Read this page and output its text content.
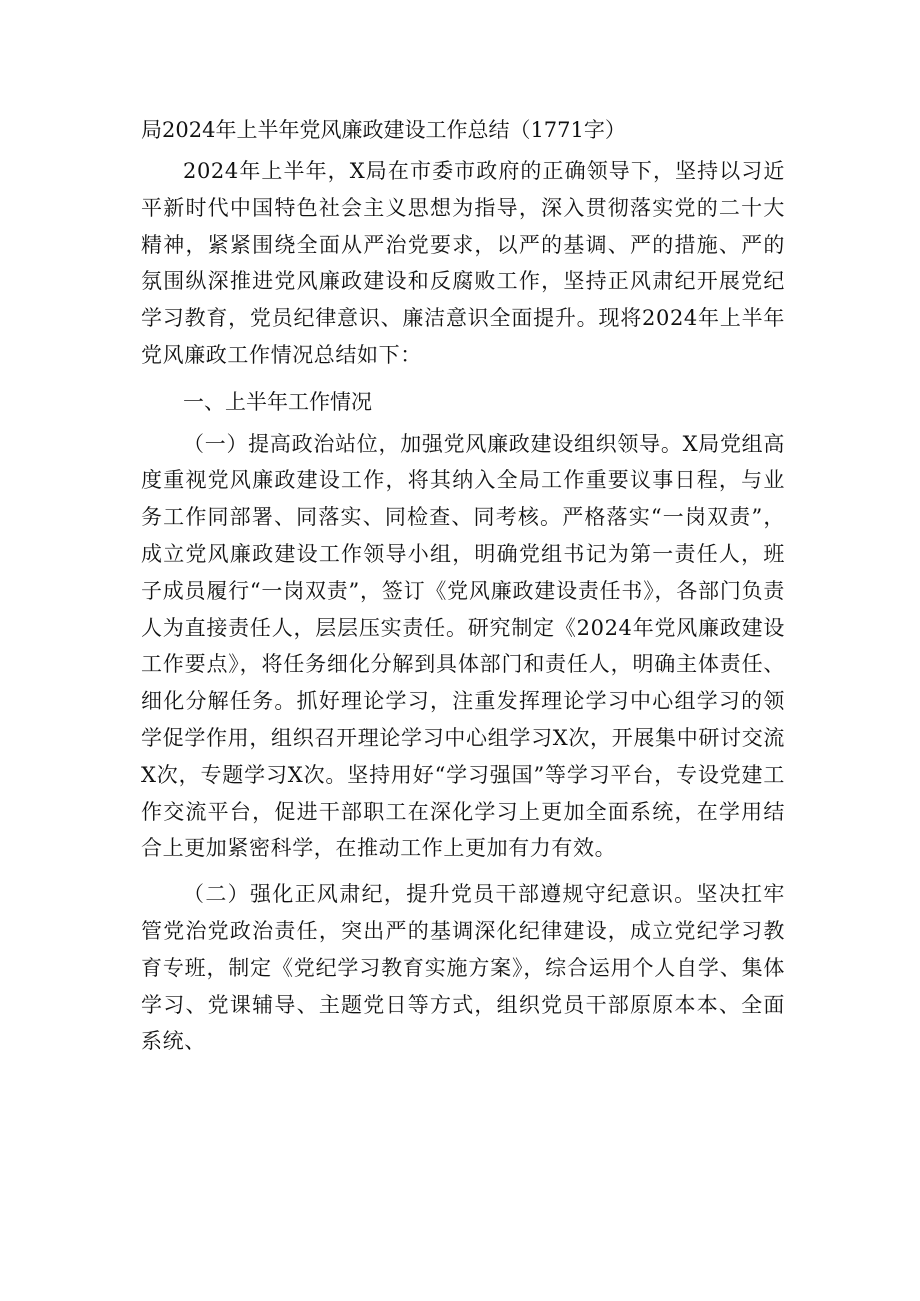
局2024年上半年党风廉政建设工作总结（1771字）

2024年上半年，X局在市委市政府的正确领导下，坚持以习近平新时代中国特色社会主义思想为指导，深入贯彻落实党的二十大精神，紧紧围绕全面从严治党要求，以严的基调、严的措施、严的氛围纵深推进党风廉政建设和反腐败工作，坚持正风肃纪开展党纪学习教育，党员纪律意识、廉洁意识全面提升。现将2024年上半年党风廉政工作情况总结如下：

一、上半年工作情况

（一）提高政治站位，加强党风廉政建设组织领导。X局党组高度重视党风廉政建设工作，将其纳入全局工作重要议事日程，与业务工作同部署、同落实、同检查、同考核。严格落实“一岗双责”，成立党风廉政建设工作领导小组，明确党组书记为第一责任人，班子成员履行“一岗双责”，签订《党风廉政建设责任书》，各部门负责人为直接责任人，层层压实责任。研究制定《2024年党风廉政建设工作要点》，将任务细化分解到具体部门和责任人，明确主体责任、细化分解任务。抓好理论学习，注重发挥理论学习中心组学习的领学促学作用，组织召开理论学习中心组学习X次，开展集中研讨交流X次，专题学习X次。坚持用好“学习强国”等学习平台，专设党建工作交流平台，促进干部职工在深化学习上更加全面系统，在学用结合上更加紧密科学，在推动工作上更加有力有效。

（二）强化正风肃纪，提升党员干部遵规守纪意识。坚决扛牢管党治党政治责任，突出严的基调深化纪律建设，成立党纪学习教育专班，制定《党纪学习教育实施方案》，综合运用个人自学、集体学习、党课辅导、主题党日等方式，组织党员干部原原本本、全面系统、
